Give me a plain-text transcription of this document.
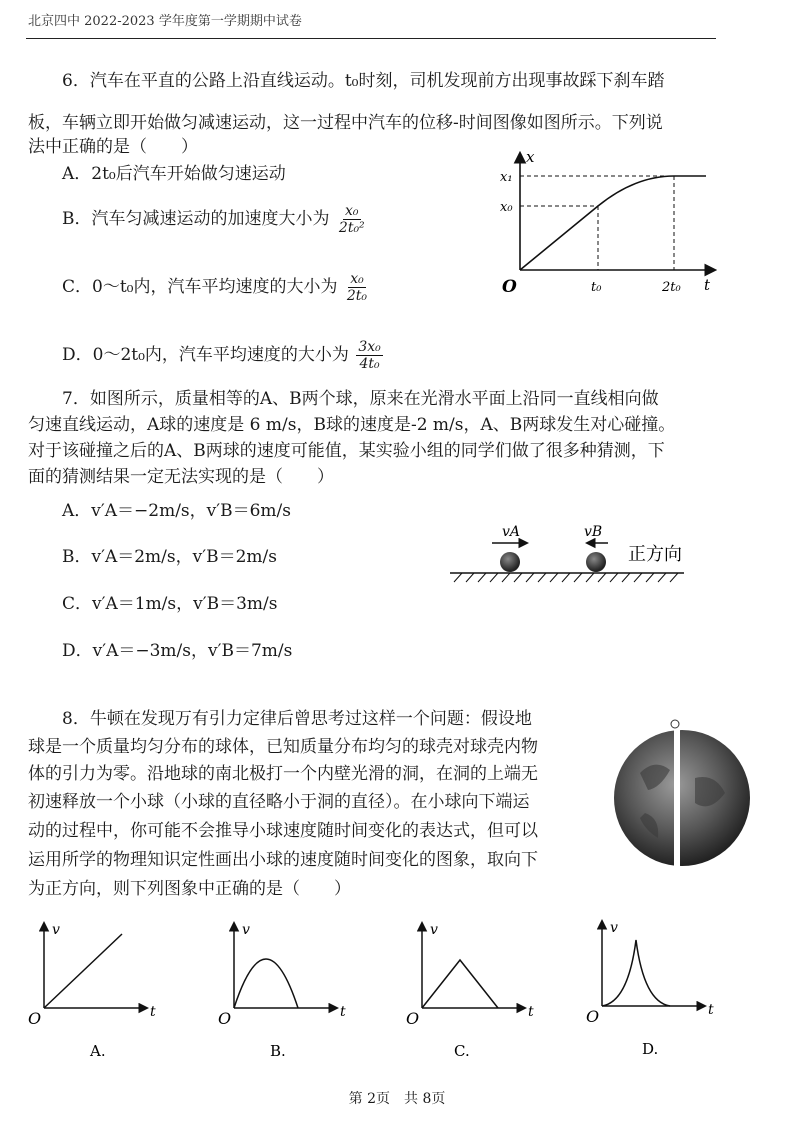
北京四中 2022-2023 学年度第一学期期中试卷
6．汽车在平直的公路上沿直线运动。t₀时刻，司机发现前方出现事故踩下刹车踏
板，车辆立即开始做匀减速运动，这一过程中汽车的位移-时间图像如图所示。下列说
法中正确的是（　　）
A．2t₀后汽车开始做匀速运动
B．汽车匀减速运动的加速度大小为 $\frac{\text{x₀}}{\text{2t₀²}}$
C．0～t₀内，汽车平均速度的大小为 $\frac{\text{x₀}}{\text{2t₀}}$
D．0～2t₀内，汽车平均速度的大小为 $\frac{\text{3x₀}}{\text{4t₀}}$
x
t
O
x₁
x₀
t₀	2t₀
7．如图所示，质量相等的A、B两个球，原来在光滑水平面上沿同一直线相向做
匀速直线运动，A球的速度是 6 m/s，B球的速度是-2 m/s，A、B两球发生对心碰撞。
对于该碰撞之后的A、B两球的速度可能值，某实验小组的同学们做了很多种猜测，下
面的猜测结果一定无法实现的是（　　）
A．v′A＝−2m/s，v′B＝6m/s
B．v′A＝2m/s，v′B＝2m/s
C．v′A＝1m/s，v′B＝3m/s
D．v′A＝−3m/s，v′B＝7m/s
vA	vB
正方向
8．牛顿在发现万有引力定律后曾思考过这样一个问题：假设地
球是一个质量均匀分布的球体，已知质量分布均匀的球壳对球壳内物
体的引力为零。沿地球的南北极打一个内壁光滑的洞，在洞的上端无
初速释放一个小球（小球的直径略小于洞的直径）。在小球向下端运
动的过程中，你可能不会推导小球速度随时间变化的表达式，但可以
运用所学的物理知识定性画出小球的速度随时间变化的图象，取向下
为正方向，则下列图象中正确的是（　　）
v
t
O
A.
v
t
O
B.
v
t
O
C.
v
t
O
D.
第 2页　共 8页
